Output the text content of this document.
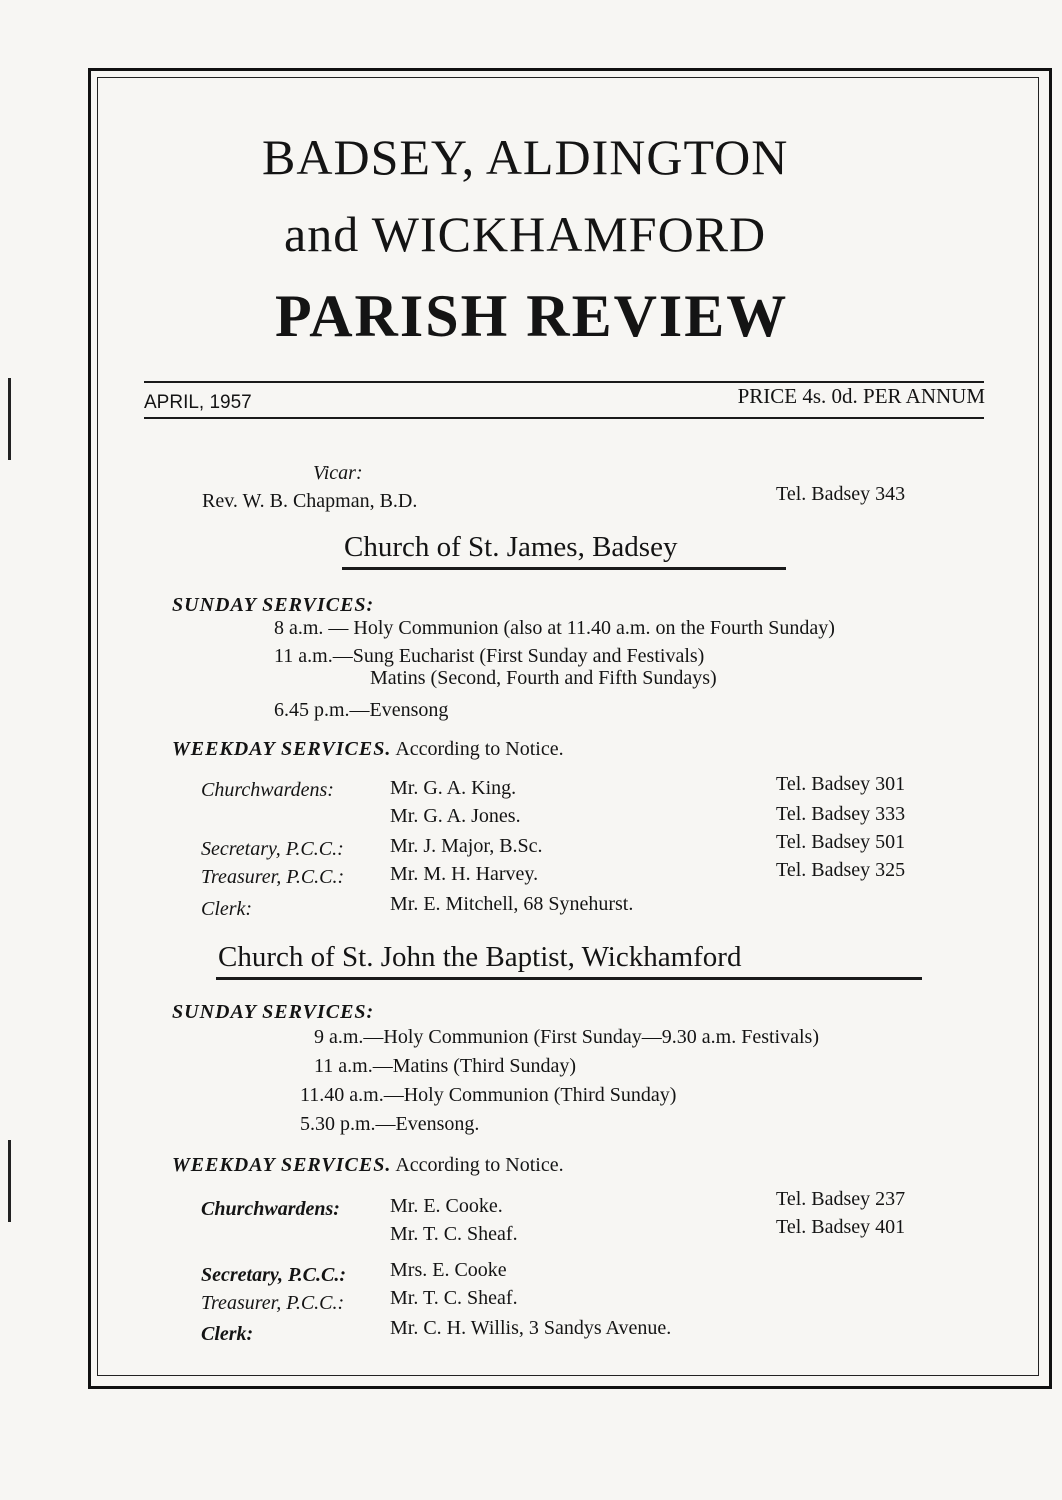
BADSEY, ALDINGTON
and WICKHAMFORD
PARISH REVIEW
APRIL, 1957	PRICE 4s. 0d. PER ANNUM
Vicar:
Rev. W. B. Chapman, B.D.	Tel. Badsey 343
Church of St. James, Badsey
SUNDAY SERVICES:
8 a.m. — Holy Communion (also at 11.40 a.m. on the Fourth Sunday)
11 a.m.—Sung Eucharist (First Sunday and Festivals)
Matins (Second, Fourth and Fifth Sundays)
6.45 p.m.—Evensong
WEEKDAY SERVICES. According to Notice.
Churchwardens:	Mr. G. A. King.	Tel. Badsey 301
Mr. G. A. Jones.	Tel. Badsey 333
Secretary, P.C.C.: Mr. J. Major, B.Sc.	Tel. Badsey 501
Treasurer, P.C.C.: Mr. M. H. Harvey.	Tel. Badsey 325
Clerk:	Mr. E. Mitchell, 68 Synehurst.
Church of St. John the Baptist, Wickhamford
SUNDAY SERVICES:
9 a.m.—Holy Communion (First Sunday—9.30 a.m. Festivals)
11 a.m.—Matins (Third Sunday)
11.40 a.m.—Holy Communion (Third Sunday)
5.30 p.m.—Evensong.
WEEKDAY SERVICES. According to Notice.
Churchwardens:	Mr. E. Cooke.	Tel. Badsey 237
Mr. T. C. Sheaf.	Tel. Badsey 401
Secretary, P.C.C.: Mrs. E. Cooke
Treasurer, P.C.C.: Mr. T. C. Sheaf.
Clerk:	Mr. C. H. Willis, 3 Sandys Avenue.
